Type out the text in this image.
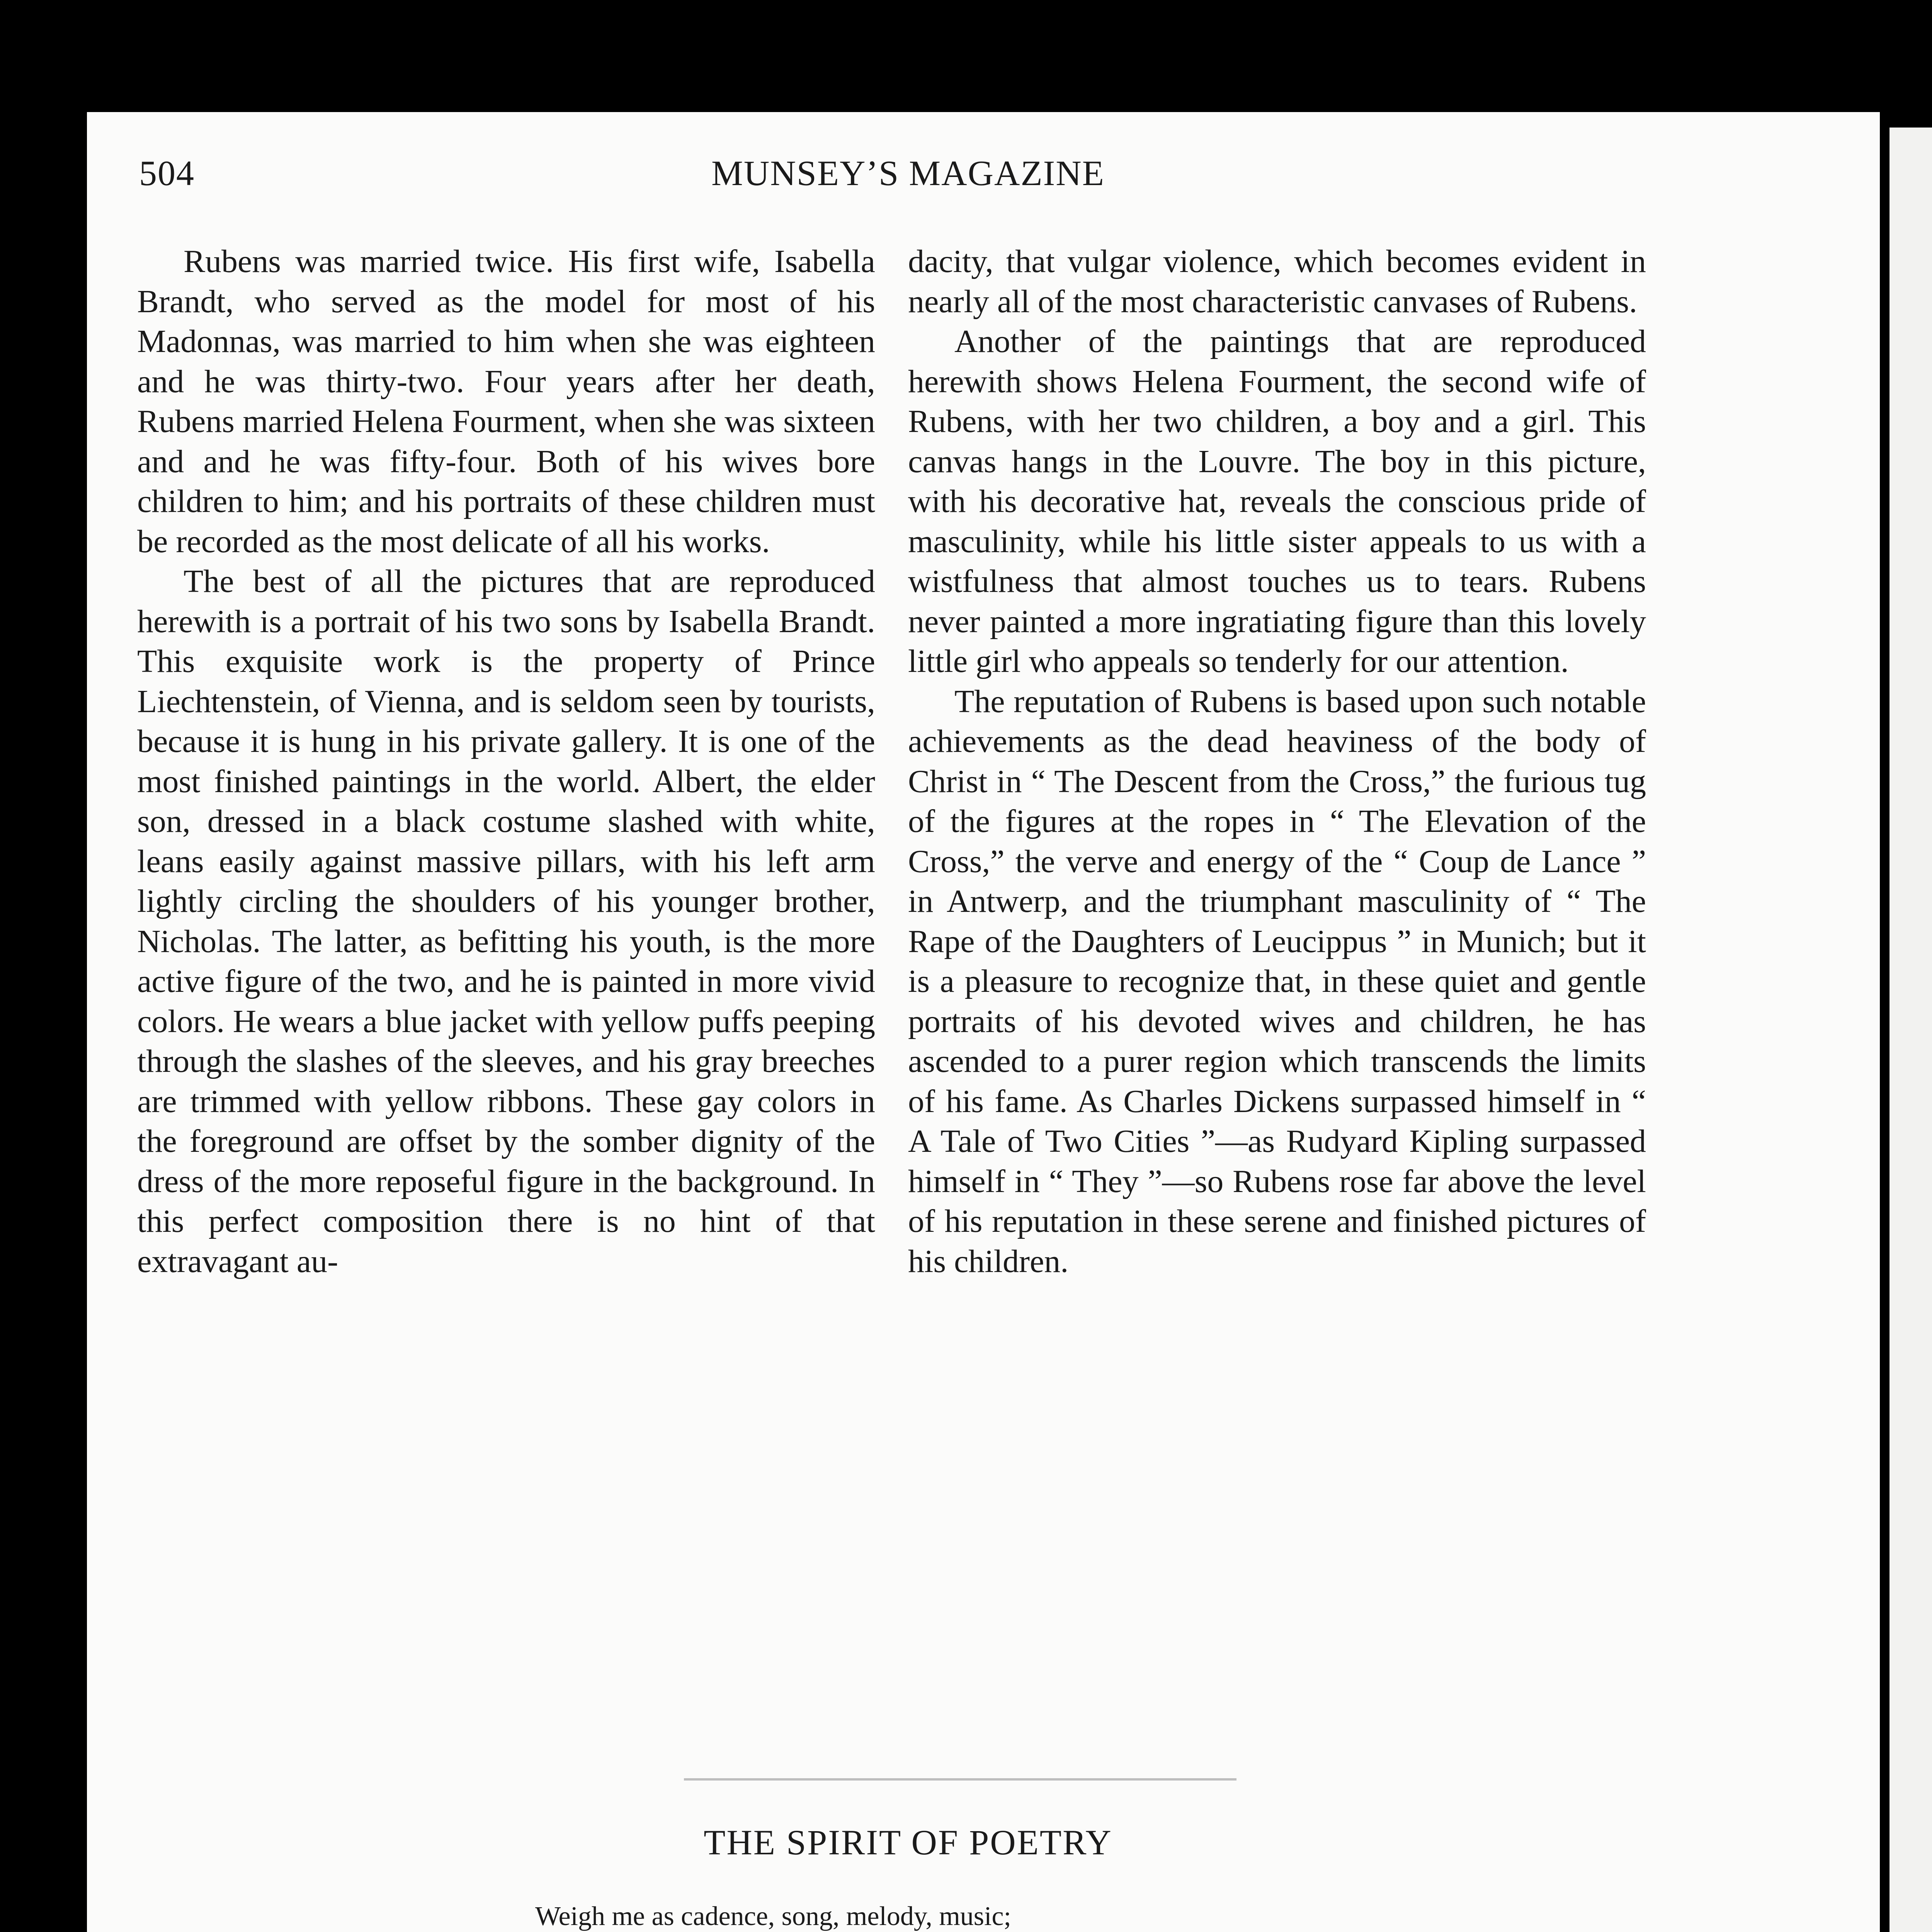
504	MUNSEY’S MAGAZINE

Rubens was married twice. His first wife, Isabella Brandt, who served as the model for most of his Madonnas, was married to him when she was eighteen and he was thirty-two. Four years after her death, Rubens married Helena Fourment, when she was sixteen and and he was fifty-four. Both of his wives bore children to him; and his portraits of these children must be recorded as the most delicate of all his works.

The best of all the pictures that are reproduced herewith is a portrait of his two sons by Isabella Brandt. This exquisite work is the property of Prince Liechtenstein, of Vienna, and is seldom seen by tourists, because it is hung in his private gallery. It is one of the most finished paintings in the world. Albert, the elder son, dressed in a black costume slashed with white, leans easily against massive pillars, with his left arm lightly circling the shoulders of his younger brother, Nicholas. The latter, as befitting his youth, is the more active figure of the two, and he is painted in more vivid colors. He wears a blue jacket with yellow puffs peeping through the slashes of the sleeves, and his gray breeches are trimmed with yellow ribbons. These gay colors in the foreground are offset by the somber dignity of the dress of the more reposeful figure in the background. In this perfect composition there is no hint of that extravagant au-

dacity, that vulgar violence, which becomes evident in nearly all of the most characteristic canvases of Rubens.

Another of the paintings that are reproduced herewith shows Helena Fourment, the second wife of Rubens, with her two children, a boy and a girl. This canvas hangs in the Louvre. The boy in this picture, with his decorative hat, reveals the conscious pride of masculinity, while his little sister appeals to us with a wistfulness that almost touches us to tears. Rubens never painted a more ingratiating figure than this lovely little girl who appeals so tenderly for our attention.

The reputation of Rubens is based upon such notable achievements as the dead heaviness of the body of Christ in “ The Descent from the Cross,” the furious tug of the figures at the ropes in “ The Elevation of the Cross,” the verve and energy of the “ Coup de Lance ” in Antwerp, and the triumphant masculinity of “ The Rape of the Daughters of Leucippus ” in Munich; but it is a pleasure to recognize that, in these quiet and gentle portraits of his devoted wives and children, he has ascended to a purer region which transcends the limits of his fame. As Charles Dickens surpassed himself in “ A Tale of Two Cities ”—as Rudyard Kipling surpassed himself in “ They ”—so Rubens rose far above the level of his reputation in these serene and finished pictures of his children.

THE SPIRIT OF POETRY
Weigh me as cadence, song, melody, music;
